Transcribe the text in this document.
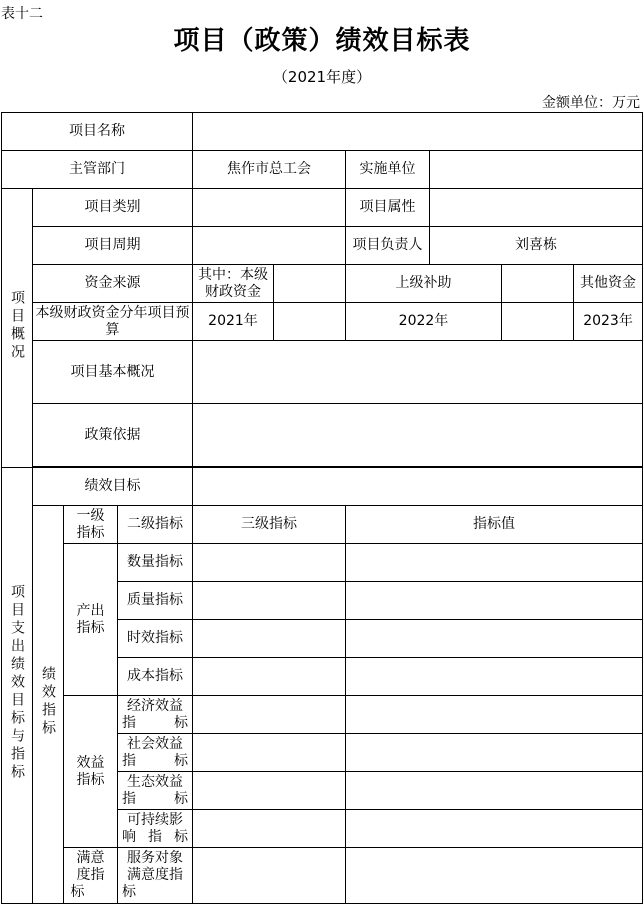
表十二
项目（政策）绩效目标表
（2021年度）
金额单位：万元
项目名称										
主管部门				焦作市总工会		实施单位				
项目概况	项目类别					项目属性				
	项目周期					项目负责人	刘喜栋			
	资金来源			其中：本级财政资金		上级补助			其他资金	
	本级财政资金分年项目预算			2021年		2022年			2023年	
	项目基本概况									
	政策依据									

项目支出绩效目标与指标	绩效目标									
	绩效指标	一级指标	二级指标	三级指标		指标值				

		产出指标	数量指标							
			质量指标							
			时效指标							
			成本指标							

		效益指标	经济效益指标							
			社会效益指标							
			生态效益指标							
			可持续影响指标							

		满意度指标	服务对象满意度指标							
